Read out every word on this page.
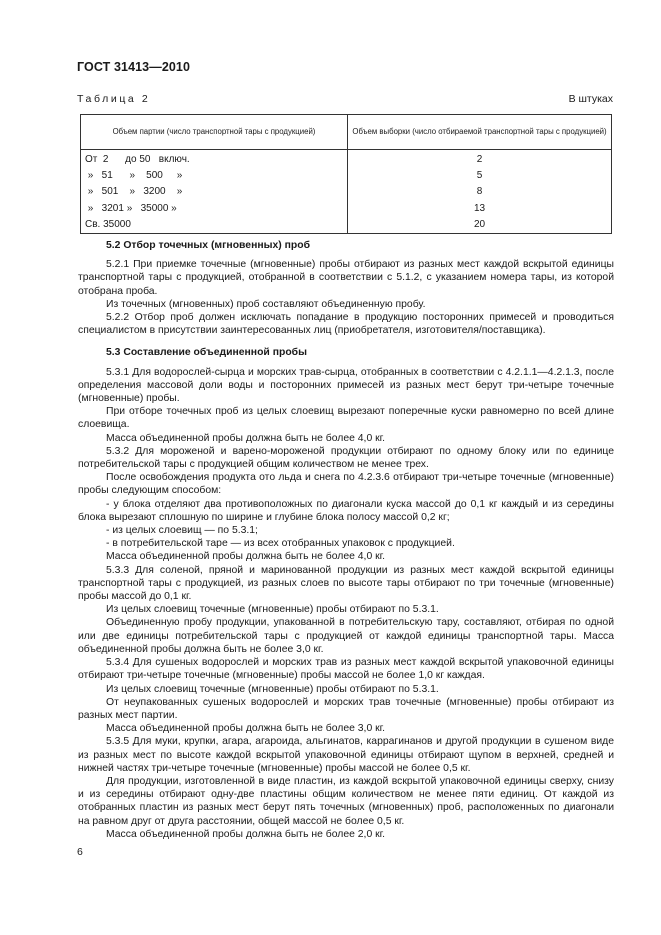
ГОСТ 31413—2010
Таблица 2	В штуках
Объем партии (число транспортной тары с продукцией)	Объем выборки (число отбираемой транспортной тары с продукцией)
От  2      до 50   включ.	2
»   51      »    500     »	5
»   501    »   3200    »	8
»   3201 »   35000 »	13
Св. 35000	20

5.2 Отбор точечных (мгновенных) проб

5.2.1 При приемке точечные (мгновенные) пробы отбирают из разных мест каждой вскрытой единицы транспортной тары с продукцией, отобранной в соответствии с 5.1.2, с указанием номера тары, из которой отобрана проба.

Из точечных (мгновенных) проб составляют объединенную пробу.

5.2.2 Отбор проб должен исключать попадание в продукцию посторонних примесей и проводиться специалистом в присутствии заинтересованных лиц (приобретателя, изготовителя/поставщика).

5.3 Составление объединенной пробы

5.3.1 Для водорослей-сырца и морских трав-сырца, отобранных в соответствии с 4.2.1.1—4.2.1.3, после определения массовой доли воды и посторонних примесей из разных мест берут три-четыре точечные (мгновенные) пробы.

При отборе точечных проб из целых слоевищ вырезают поперечные куски равномерно по всей длине слоевища.

Масса объединенной пробы должна быть не более 4,0 кг.

5.3.2 Для мороженой и варено-мороженой продукции отбирают по одному блоку или по единице потребительской тары с продукцией общим количеством не менее трех.

После освобождения продукта ото льда и снега по 4.2.3.6 отбирают три-четыре точечные (мгновенные) пробы следующим способом:

- у блока отделяют два противоположных по диагонали куска массой до 0,1 кг каждый и из середины блока вырезают сплошную по ширине и глубине блока полосу массой 0,2 кг;

- из целых слоевищ — по 5.3.1;

- в потребительской таре — из всех отобранных упаковок с продукцией.

Масса объединенной пробы должна быть не более 4,0 кг.

5.3.3 Для соленой, пряной и маринованной продукции из разных мест каждой вскрытой единицы транспортной тары с продукцией, из разных слоев по высоте тары отбирают по три точечные (мгновенные) пробы массой до 0,1 кг.

Из целых слоевищ точечные (мгновенные) пробы отбирают по 5.3.1.

Объединенную пробу продукции, упакованной в потребительскую тару, составляют, отбирая по одной или две единицы потребительской тары с продукцией от каждой единицы транспортной тары. Масса объединенной пробы должна быть не более 3,0 кг.

5.3.4 Для сушеных водорослей и морских трав из разных мест каждой вскрытой упаковочной единицы отбирают три-четыре точечные (мгновенные) пробы массой не более 1,0 кг каждая.

Из целых слоевищ точечные (мгновенные) пробы отбирают по 5.3.1.

От неупакованных сушеных водорослей и морских трав точечные (мгновенные) пробы отбирают из разных мест партии.

Масса объединенной пробы должна быть не более 3,0 кг.

5.3.5 Для муки, крупки, агара, агароида, альгинатов, каррагинанов и другой продукции в сушеном виде из разных мест по высоте каждой вскрытой упаковочной единицы отбирают щупом в верхней, средней и нижней частях три-четыре точечные (мгновенные) пробы массой не более 0,5 кг.

Для продукции, изготовленной в виде пластин, из каждой вскрытой упаковочной единицы сверху, снизу и из середины отбирают одну-две пластины общим количеством не менее пяти единиц. От каждой из отобранных пластин из разных мест берут пять точечных (мгновенных) проб, расположенных по диагонали на равном друг от друга расстоянии, общей массой не более 0,5 кг.

Масса объединенной пробы должна быть не более 2,0 кг.

6
